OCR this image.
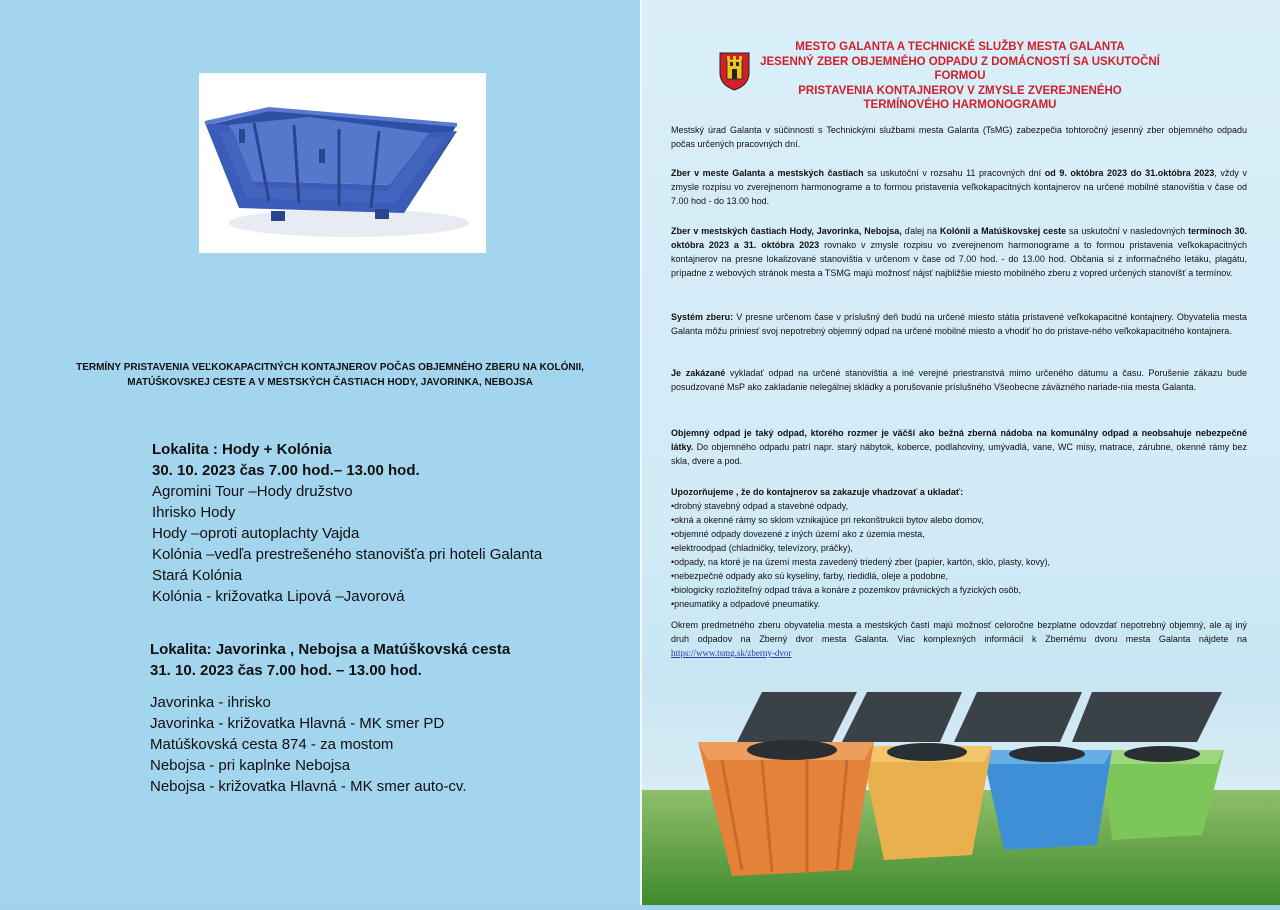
TERMÍNY PRISTAVENIA VEĽKOKAPACITNÝCH KONTAJNEROV POČAS OBJEMNÉHO ZBERU NA KOLÓNII,
MATÚŠKOVSKEJ CESTE A V MESTSKÝCH ČASTIACH HODY, JAVORINKA, NEBOJSA
Lokalita : Hody + Kolónia
30. 10. 2023 čas 7.00 hod.– 13.00 hod.
Agromini Tour –Hody družstvo
Ihrisko Hody
Hody –oproti autoplachty Vajda
Kolónia –vedľa prestrešeného stanovišťa pri hoteli Galanta
Stará Kolónia
Kolónia - križovatka Lipová –Javorová
Lokalita: Javorinka , Nebojsa a Matúškovská cesta
31. 10. 2023 čas 7.00 hod. – 13.00 hod.
Javorinka - ihrisko
Javorinka - križovatka Hlavná - MK smer PD
Matúškovská cesta 874 - za mostom
Nebojsa - pri kaplnke Nebojsa
Nebojsa - križovatka Hlavná - MK smer auto-cv.
MESTO GALANTA A TECHNICKÉ SLUŽBY MESTA GALANTA
JESENNÝ ZBER OBJEMNÉHO ODPADU Z DOMÁCNOSTÍ SA USKUTOČNÍ FORMOU
PRISTAVENIA KONTAJNEROV V ZMYSLE ZVEREJNENÉHO
TERMÍNOVÉHO HARMONOGRAMU
Mestský úrad Galanta v súčinnosti s Technickými službami mesta Galanta (TsMG) zabezpečia tohtoročný jesenný zber objemného odpadu počas určených pracovných dní.
Zber v meste Galanta a mestských častiach sa uskutoční v rozsahu 11 pracovných dní od 9. októbra 2023 do 31.októbra 2023, vždy v zmysle rozpisu vo zverejnenom harmonograme a to formou pristavenia veľkokapacitných kontajnerov na určené mobilné stanovištia v čase od 7.00 hod - do 13.00 hod.
Zber v mestských častiach Hody, Javorinka, Nebojsa, ďalej na Kolónii a Matúškovskej ceste sa uskutoční v nasledovných termínoch 30. októbra 2023 a 31. októbra 2023 rovnako v zmysle rozpisu vo zverejnenom harmonograme a to formou pristavenia veľkokapacitných kontajnerov na presne lokalizované stanovištia v určenom v čase od 7.00 hod. - do 13.00 hod. Občania si z informačného letáku, plagátu, prípadne z webových stránok mesta a TSMG majú možnosť nájsť najbližšie miesto mobilného zberu z vopred určených stanovíšť a termínov.
Systém zberu: V presne určenom čase v príslušný deň budú na určené miesto státia pristavené veľkokapacitné kontajnery. Obyvatelia mesta Galanta môžu priniesť svoj nepotrebný objemný odpad na určené mobilné miesto a vhodiť ho do pristave-ného veľkokapacitného kontajnera.
Je zakázané vykladať odpad na určené stanovištia a iné verejné priestranstvá mimo určeného dátumu a času. Porušenie zákazu bude posudzované MsP ako zakladanie nelegálnej skládky a porušovanie príslušného Všeobecne záväzného nariade-nia mesta Galanta.
Objemný odpad je taký odpad, ktorého rozmer je väčší ako bežná zberná nádoba na komunálny odpad a neobsahuje nebezpečné látky. Do objemného odpadu patrí napr. starý nábytok, koberce, podlahoviny, umývadlá, vane, WC misy, matrace, zárubne, okenné rámy bez skla, dvere a pod.
Upozorňujeme , že do kontajnerov sa zakazuje vhadzovať a ukladať:
•drobný stavebný odpad a stavebné odpady,
•okná a okenné rámy so sklom vznikajúce pri rekonštrukcii bytov alebo domov,
•objemné odpady dovezené z iných území ako z územia mesta,
•elektroodpad (chladničky, televízory, práčky),
•odpady, na ktoré je na území mesta zavedený triedený zber (papier, kartón, sklo, plasty, kovy),
•nebezpečné odpady ako sú kyseliny, farby, riedidlá, oleje a podobne,
•biologicky rozložiteľný odpad tráva a konáre z pozemkov právnických a fyzických osôb,
•pneumatiky a odpadové pneumatiky.
Okrem predmetného zberu obyvatelia mesta a mestských častí majú možnosť celoročne bezplatne odovzdať nepotrebný objemný, ale aj iný druh odpadov na Zberný dvor mesta Galanta. Viac komplexných informácií k Zbernému dvoru mesta Galanta nájdete na https://www.tsmg.sk/zberny-dvor
